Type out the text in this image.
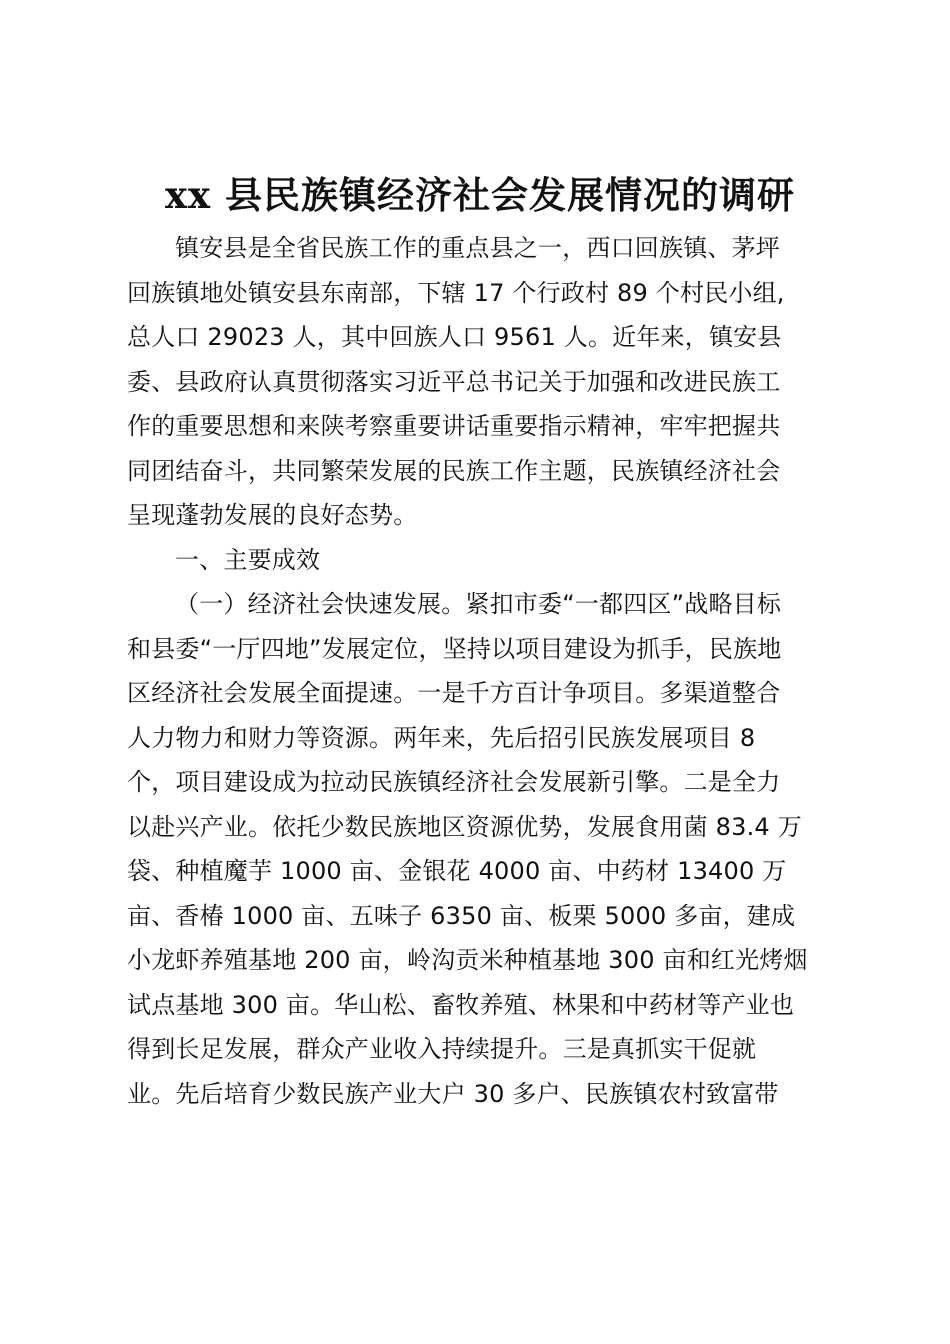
xx 县民族镇经济社会发展情况的调研
镇安县是全省民族工作的重点县之一，西口回族镇、茅坪
回族镇地处镇安县东南部，下辖 17 个行政村 89 个村民小组,
总人口 29023 人，其中回族人口 9561 人。近年来，镇安县
委、县政府认真贯彻落实习近平总书记关于加强和改进民族工
作的重要思想和来陕考察重要讲话重要指示精神，牢牢把握共
同团结奋斗，共同繁荣发展的民族工作主题，民族镇经济社会
呈现蓬勃发展的良好态势。
一、主要成效
（一）经济社会快速发展。紧扣市委“一都四区”战略目标
和县委“一厅四地”发展定位，坚持以项目建设为抓手，民族地
区经济社会发展全面提速。一是千方百计争项目。多渠道整合
人力物力和财力等资源。两年来，先后招引民族发展项目 8
个，项目建设成为拉动民族镇经济社会发展新引擎。二是全力
以赴兴产业。依托少数民族地区资源优势，发展食用菌 83.4 万
袋、种植魔芋 1000 亩、金银花 4000 亩、中药材 13400 万
亩、香椿 1000 亩、五味子 6350 亩、板栗 5000 多亩，建成
小龙虾养殖基地 200 亩，岭沟贡米种植基地 300 亩和红光烤烟
试点基地 300 亩。华山松、畜牧养殖、林果和中药材等产业也
得到长足发展，群众产业收入持续提升。三是真抓实干促就
业。先后培育少数民族产业大户 30 多户、民族镇农村致富带
